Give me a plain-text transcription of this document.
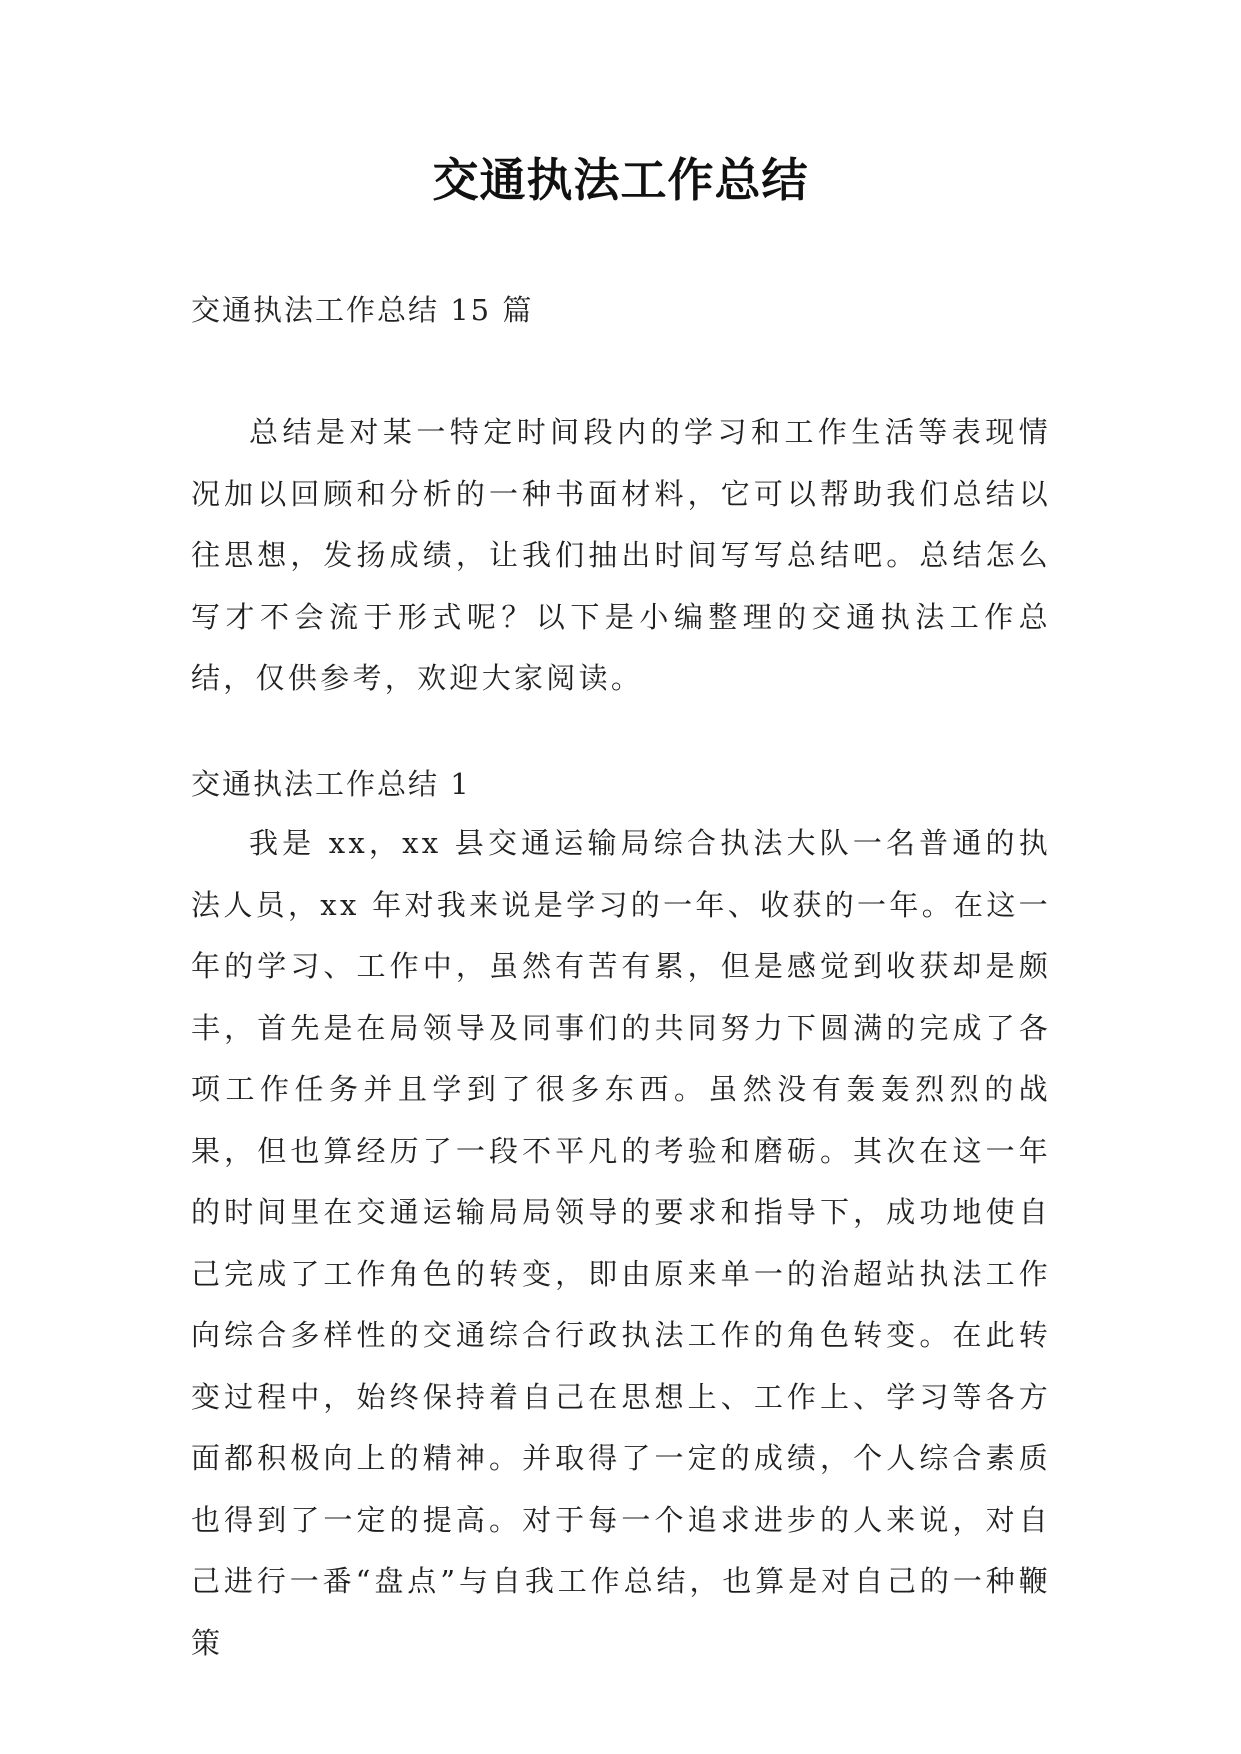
交通执法工作总结
交通执法工作总结 15 篇

总结是对某一特定时间段内的学习和工作生活等表现情况加以回顾和分析的一种书面材料，它可以帮助我们总结以往思想，发扬成绩，让我们抽出时间写写总结吧。总结怎么写才不会流于形式呢？以下是小编整理的交通执法工作总结，仅供参考，欢迎大家阅读。

交通执法工作总结 1

我是 xx，xx 县交通运输局综合执法大队一名普通的执法人员，xx 年对我来说是学习的一年、收获的一年。在这一年的学习、工作中，虽然有苦有累，但是感觉到收获却是颇丰，首先是在局领导及同事们的共同努力下圆满的完成了各项工作任务并且学到了很多东西。虽然没有轰轰烈烈的战果，但也算经历了一段不平凡的考验和磨砺。其次在这一年的时间里在交通运输局局领导的要求和指导下，成功地使自己完成了工作角色的转变，即由原来单一的治超站执法工作向综合多样性的交通综合行政执法工作的角色转变。在此转变过程中，始终保持着自己在思想上、工作上、学习等各方面都积极向上的精神。并取得了一定的成绩，个人综合素质也得到了一定的提高。对于每一个追求进步的人来说，对自己进行一番“盘点”与自我工作总结，也算是对自己的一种鞭策
